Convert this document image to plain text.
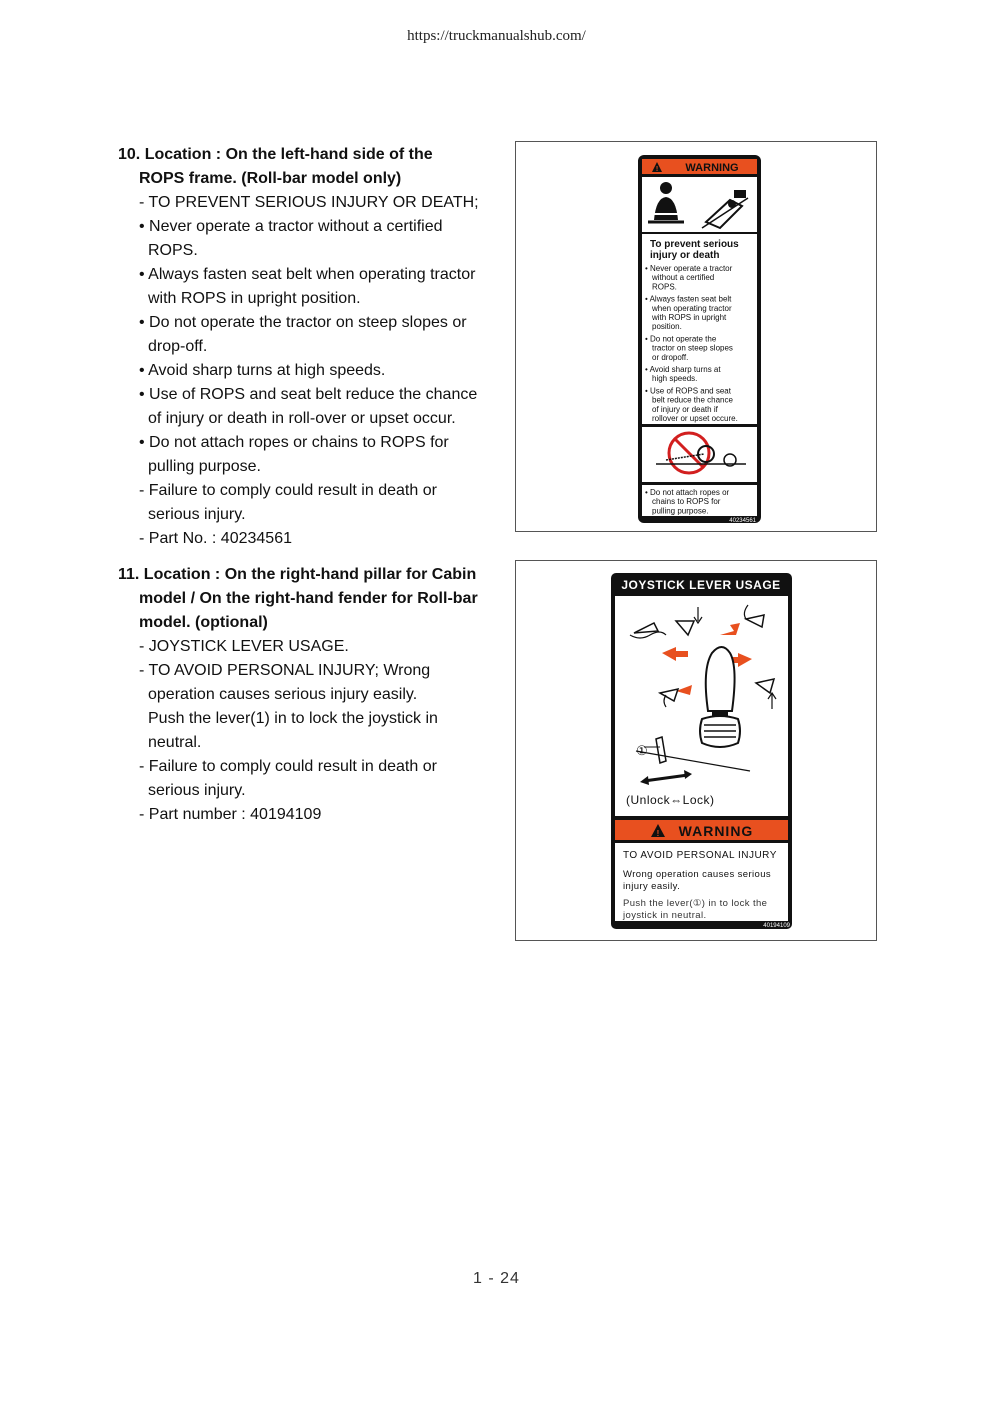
https://truckmanualshub.com/
10. Location : On the left-hand side of the
ROPS frame. (Roll-bar model only)
- TO PREVENT SERIOUS INJURY OR DEATH;
• Never operate a tractor without a certified
ROPS.
• Always fasten seat belt when operating tractor
with ROPS in upright position.
• Do not operate the tractor on steep slopes or
drop-off.
• Avoid sharp turns at high speeds.
• Use of ROPS and seat belt reduce the chance
of injury or death in roll-over or upset occur.
• Do not attach ropes or chains to ROPS for
pulling purpose.
- Failure to comply could result in death or
serious injury.
- Part No. : 40234561
11. Location : On the right-hand pillar for Cabin
model / On the right-hand fender for Roll-bar
model. (optional)
- JOYSTICK LEVER USAGE.
- TO AVOID PERSONAL INJURY; Wrong
operation causes serious injury easily.
Push the lever(1) in to lock the joystick in
neutral.
- Failure to comply could result in death or
serious injury.
- Part number : 40194109
! WARNING
To prevent serious
injury or death
• Never operate a tractor
without a certified
ROPS.
• Always fasten seat belt
when operating tractor
with ROPS in upright
position.
• Do not operate the
tractor on steep slopes
or dropoff.
• Avoid sharp turns at
high speeds.
• Use of ROPS and seat
belt reduce the chance
of injury or death if
rollover or upset occure.
• Do not attach ropes or
chains to ROPS for
pulling purpose.
40234561
JOYSTICK LEVER USAGE
①
(Unlock⇔Lock)
! WARNING
TO AVOID PERSONAL INJURY
Wrong operation causes serious
injury easily.
Push the lever(①) in to lock the
joystick in neutral.
40194109
1 - 24
